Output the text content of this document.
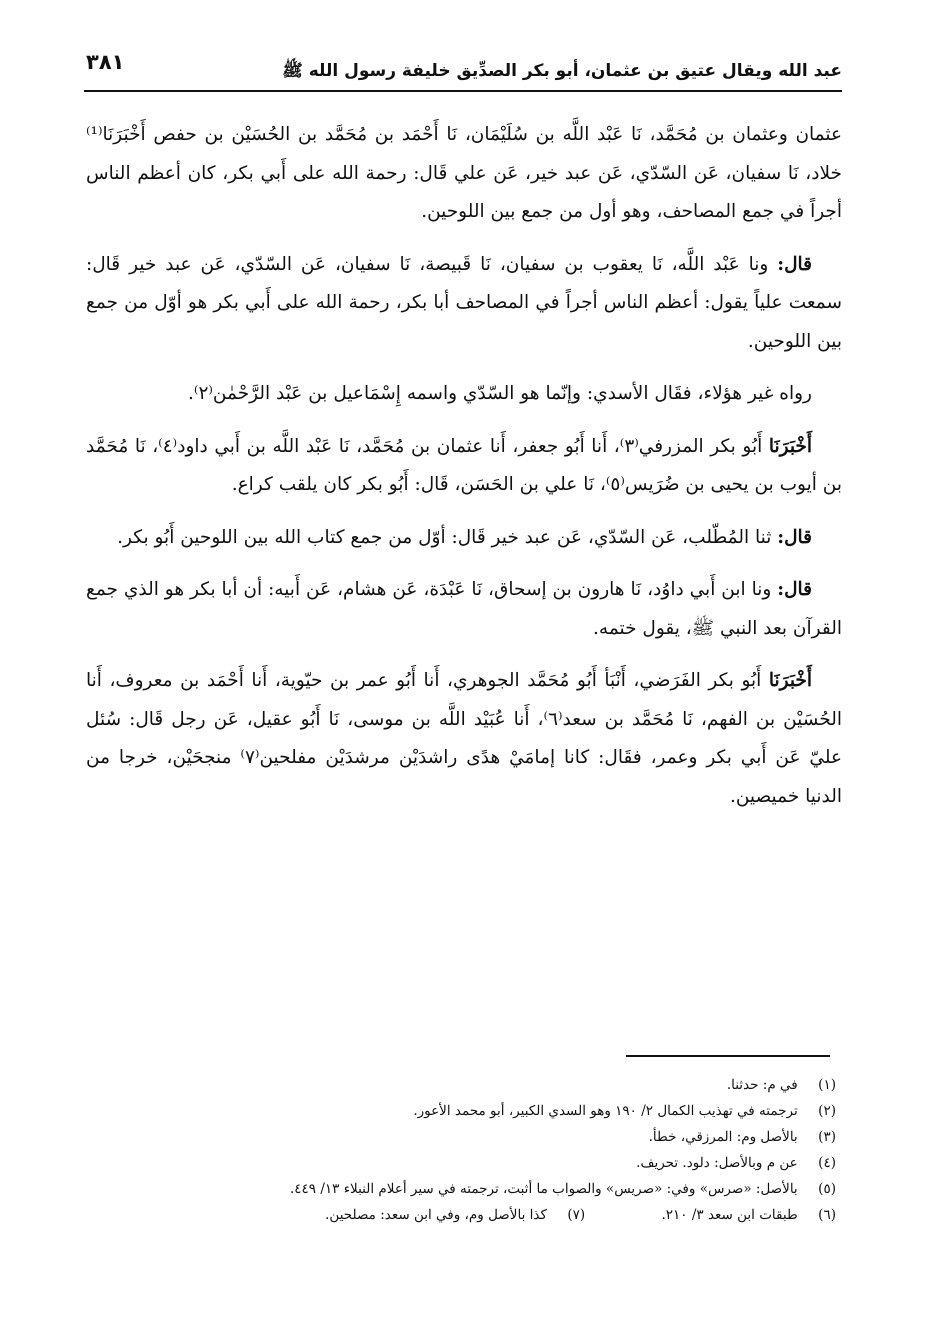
عبد الله ويقال عتيق بن عثمان، أبو بكر الصدِّيق خليفة رسول الله ﷺ
٣٨١

عثمان وعثمان بن مُحَمَّد، نَا عَبْد اللَّه بن سُلَيْمَان، نَا أَحْمَد بن مُحَمَّد بن الحُسَيْن بن حفص أَخْبَرَنَا⁽¹⁾ خلاد، نَا سفيان، عَن السّدّي، عَن عبد خير، عَن علي قَال: رحمة الله على أَبي بكر، كان أعظم الناس أجراً في جمع المصاحف، وهو أول من جمع بين اللوحين.

قال: ونا عَبْد اللَّه، نَا يعقوب بن سفيان، نَا قَبيصة، نَا سفيان، عَن السّدّي، عَن عبد خير قَال: سمعت علياً يقول: أعظم الناس أجراً في المصاحف أبا بكر، رحمة الله على أَبي بكر هو أوّل من جمع بين اللوحين.

رواه غير هؤلاء، فقَال الأسدي: وإنّما هو السّدّي واسمه إِسْمَاعيل بن عَبْد الرَّحْمٰن⁽٢⁾.

أَخْبَرَنَا أَبُو بكر المزرفي⁽٣⁾، أَنا أَبُو جعفر، أَنا عثمان بن مُحَمَّد، نَا عَبْد اللَّه بن أَبي داود⁽٤⁾، نَا مُحَمَّد بن أيوب بن يحيى بن ضُرَيس⁽٥⁾، نَا علي بن الحَسَن، قَال: أَبُو بكر كان يلقب كراع.

قال: ثنا المُطّلب، عَن السّدّي، عَن عبد خير قَال: أوّل من جمع كتاب الله بين اللوحين أَبُو بكر.

قال: ونا ابن أَبي داوُد، نَا هارون بن إسحاق، نَا عَبْدَة، عَن هشام، عَن أَبيه: أن أبا بكر هو الذي جمع القرآن بعد النبي ﷺ، يقول ختمه.

أَخْبَرَنَا أَبُو بكر الفَرَضي، أَنْبَأ أَبُو مُحَمَّد الجوهري، أَنا أَبُو عمر بن حيّوية، أَنا أَحْمَد بن معروف، أَنا الحُسَيْن بن الفهم، نَا مُحَمَّد بن سعد⁽٦⁾، أَنا عُبَيْد اللَّه بن موسى، نَا أَبُو عقيل، عَن رجل قَال: سُئل عليّ عَن أَبي بكر وعمر، فقَال: كانا إمامَيْ هدًى راشدَيْن مرشدَيْن مفلحين⁽٧⁾ منجحَيْن، خرجا من الدنيا خميصين.

(١) في م: حدثنا.
(٢) ترجمته في تهذيب الكمال ٢/ ١٩٠ وهو السدي الكبير، أبو محمد الأعور.
(٣) بالأصل وم: المرزقي، خطأ.
(٤) عن م وبالأصل: دلود. تحريف.
(٥) بالأصل: «صرس» وفي: «صريس» والصواب ما أثبت، ترجمته في سير أعلام النبلاء ١٣/ ٤٤٩.
(٦) طبقات ابن سعد ٣/ ٢١٠. (٧) كذا بالأصل وم، وفي ابن سعد: مصلحين.
